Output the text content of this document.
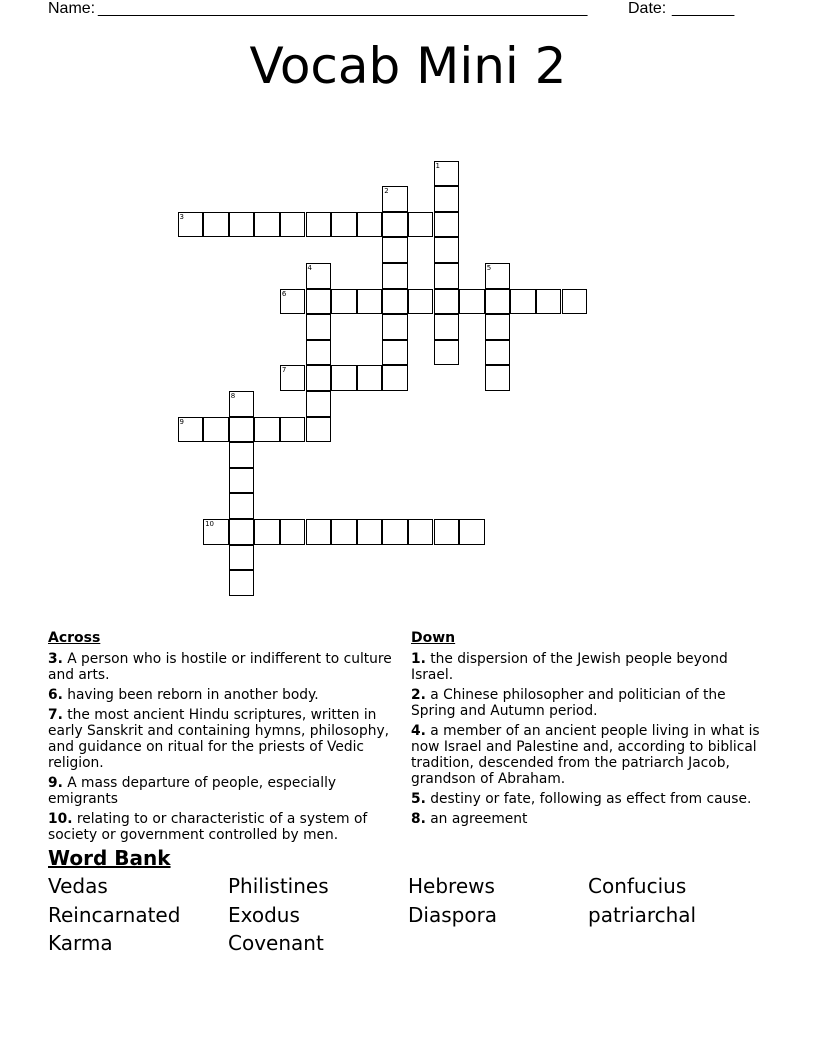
Name: _______________________________________________________	Date: _______
Vocab Mini 2
3
6
7
9
10
1
2
4	5
8
Across
3. A person who is hostile or indifferent to culture and arts.
6. having been reborn in another body.
7. the most ancient Hindu scriptures, written in early Sanskrit and containing hymns, philosophy, and guidance on ritual for the priests of Vedic religion.
9. A mass departure of people, especially emigrants
10. relating to or characteristic of a system of society or government controlled by men.
Down
1. the dispersion of the Jewish people beyond Israel.
2. a Chinese philosopher and politician of the Spring and Autumn period.
4. a member of an ancient people living in what is now Israel and Palestine and, according to biblical tradition, descended from the patriarch Jacob, grandson of Abraham.
5. destiny or fate, following as effect from cause.
8. an agreement
Word Bank
Vedas	Philistines	Hebrews	Confucius
Reincarnated	Exodus	Diaspora	patriarchal
Karma	Covenant
